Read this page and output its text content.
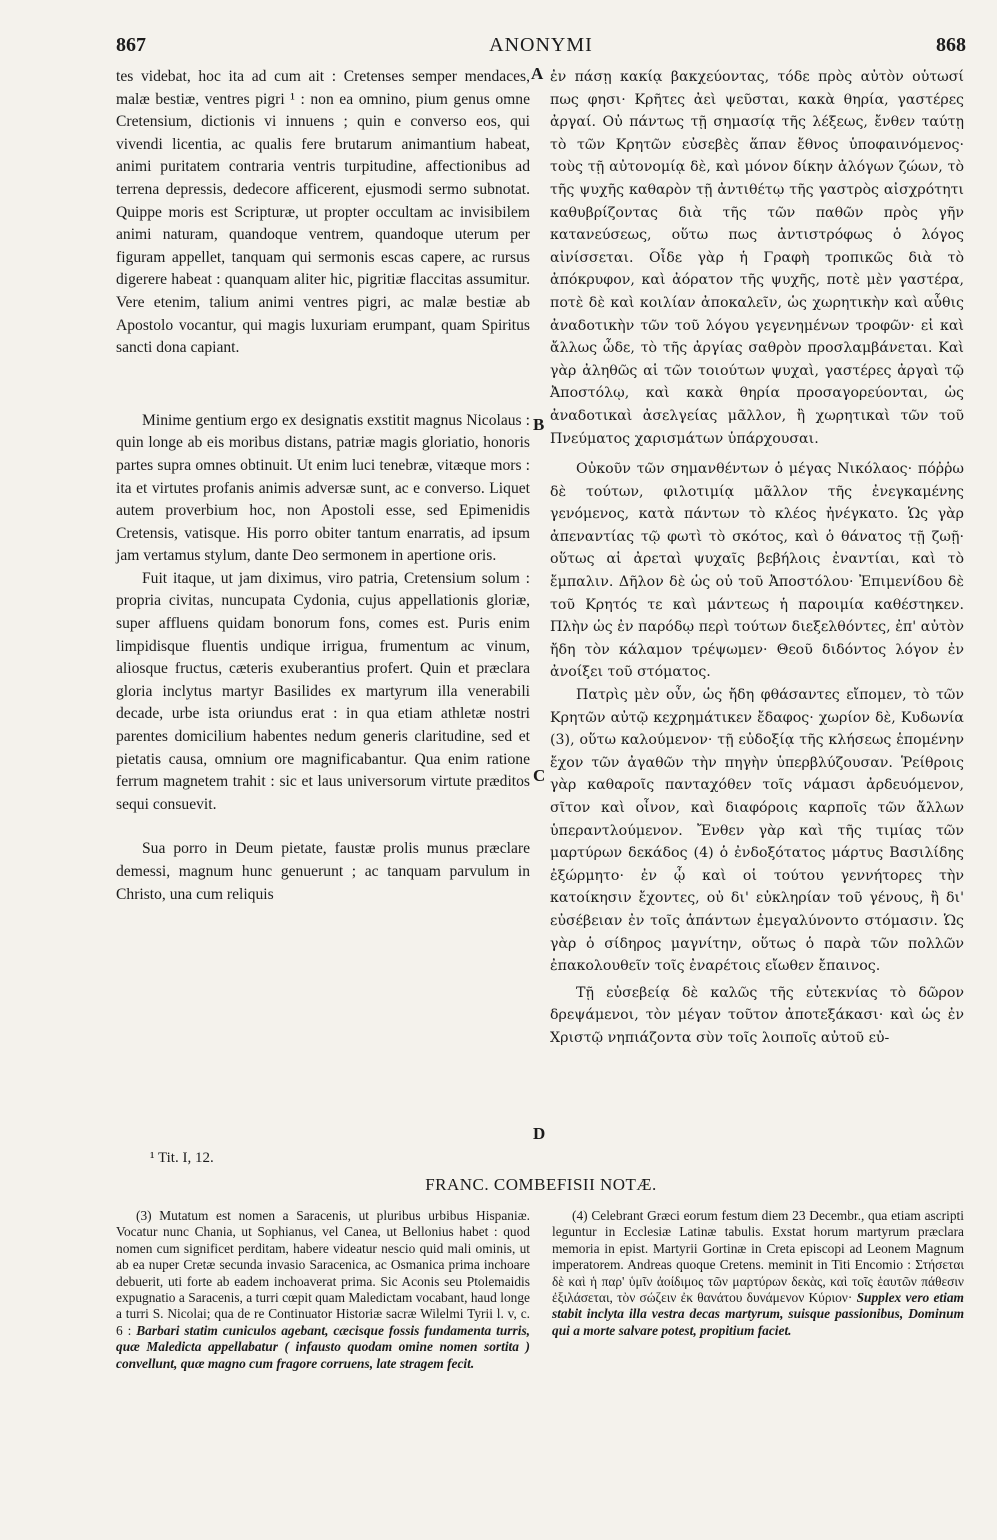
867	ANONYMI	868
A
B
C
D

tes videbat, hoc ita ad cum ait : Cretenses semper mendaces, malæ bestiæ, ventres pigri ¹ : non ea omnino, pium genus omne Cretensium, dictionis vi innuens ; quin e converso eos, qui vivendi licentia, ac qualis fere brutarum animantium habeat, animi puritatem contraria ventris turpitudine, affectionibus ad terrena depressis, dedecore afficerent, ejusmodi sermo subnotat. Quippe moris est Scripturæ, ut propter occultam ac invisibilem animi naturam, quandoque ventrem, quandoque uterum per figuram appellet, tanquam qui sermonis escas capere, ac rursus digerere habeat : quanquam aliter hic, pigritiæ flaccitas assumitur. Vere etenim, talium animi ventres pigri, ac malæ bestiæ ab Apostolo vocantur, qui magis luxuriam erumpant, quam Spiritus sancti dona capiant.

Minime gentium ergo ex designatis exstitit magnus Nicolaus : quin longe ab eis moribus distans, patriæ magis gloriatio, honoris partes supra omnes obtinuit. Ut enim luci tenebræ, vitæque mors : ita et virtutes profanis animis adversæ sunt, ac e converso. Liquet autem proverbium hoc, non Apostoli esse, sed Epimenidis Cretensis, vatisque. His porro obiter tantum enarratis, ad ipsum jam vertamus stylum, dante Deo sermonem in apertione oris.

Fuit itaque, ut jam diximus, viro patria, Cretensium solum : propria civitas, nuncupata Cydonia, cujus appellationis gloriæ, super affluens quidam bonorum fons, comes est. Puris enim limpidisque fluentis undique irrigua, frumentum ac vinum, aliosque fructus, cæteris exuberantius profert. Quin et præclara gloria inclytus martyr Basilides ex martyrum illa venerabili decade, urbe ista oriundus erat : in qua etiam athletæ nostri parentes domicilium habentes nedum generis claritudine, sed et pietatis causa, omnium ore magnificabantur. Qua enim ratione ferrum magnetem trahit : sic et laus universorum virtute præditos sequi consuevit.

Sua porro in Deum pietate, faustæ prolis munus præclare demessi, magnum hunc genuerunt ; ac tanquam parvulum in Christo, una cum reliquis

ἐν πάσῃ κακίᾳ βακχεύοντας, τόδε πρὸς αὐτὸν οὑτωσί πως φησι· Κρῆτες ἀεὶ ψεῦσται, κακὰ θηρία, γαστέρες ἀργαί. Οὐ πάντως τῇ σημασίᾳ τῆς λέξεως, ἔνθεν ταύτῃ τὸ τῶν Κρητῶν εὐσεβὲς ἅπαν ἔθνος ὑποφαινόμενος· τοὺς τῇ αὐτονομίᾳ δὲ, καὶ μόνον δίκην ἀλόγων ζώων, τὸ τῆς ψυχῆς καθαρὸν τῇ ἀντιθέτῳ τῆς γαστρὸς αἰσχρότητι καθυβρίζοντας διὰ τῆς τῶν παθῶν πρὸς γῆν κατανεύσεως, οὕτω πως ἀντιστρόφως ὁ λόγος αἰνίσσεται. Οἶδε γὰρ ἡ Γραφὴ τροπικῶς διὰ τὸ ἀπόκρυφον, καὶ ἀόρατον τῆς ψυχῆς, ποτὲ μὲν γαστέρα, ποτὲ δὲ καὶ κοιλίαν ἀποκαλεῖν, ὡς χωρητικὴν καὶ αὖθις ἀναδοτικὴν τῶν τοῦ λόγου γεγενημένων τροφῶν· εἰ καὶ ἄλλως ὧδε, τὸ τῆς ἀργίας σαθρὸν προσλαμβάνεται. Καὶ γὰρ ἀληθῶς αἱ τῶν τοιούτων ψυχαὶ, γαστέρες ἀργαὶ τῷ Ἀποστόλῳ, καὶ κακὰ θηρία προσαγορεύονται, ὡς ἀναδοτικαὶ ἀσελγείας μᾶλλον, ἢ χωρητικαὶ τῶν τοῦ Πνεύματος χαρισμάτων ὑπάρχουσαι.

Οὐκοῦν τῶν σημανθέντων ὁ μέγας Νικόλαος· πόῤῥω δὲ τούτων, φιλοτιμίᾳ μᾶλλον τῆς ἐνεγκαμένης γενόμενος, κατὰ πάντων τὸ κλέος ἠνέγκατο. Ὡς γὰρ ἀπεναντίας τῷ φωτὶ τὸ σκότος, καὶ ὁ θάνατος τῇ ζωῇ· οὕτως αἱ ἀρεταὶ ψυχαῖς βεβήλοις ἐναντίαι, καὶ τὸ ἔμπαλιν. Δῆλον δὲ ὡς οὐ τοῦ Ἀποστόλου· Ἐπιμενίδου δὲ τοῦ Κρητός τε καὶ μάντεως ἡ παροιμία καθέστηκεν. Πλὴν ὡς ἐν παρόδῳ περὶ τούτων διεξελθόντες, ἐπ' αὐτὸν ἤδη τὸν κάλαμον τρέψωμεν· Θεοῦ διδόντος λόγον ἐν ἀνοίξει τοῦ στόματος.

Πατρὶς μὲν οὖν, ὡς ἤδη φθάσαντες εἴπομεν, τὸ τῶν Κρητῶν αὐτῷ κεχρημάτικεν ἔδαφος· χωρίον δὲ, Κυδωνία (3), οὕτω καλούμενον· τῇ εὐδοξίᾳ τῆς κλήσεως ἑπομένην ἔχον τῶν ἀγαθῶν τὴν πηγὴν ὑπερβλύζουσαν. Ῥείθροις γὰρ καθαροῖς πανταχόθεν τοῖς νάμασι ἀρδευόμενον, σῖτον καὶ οἶνον, καὶ διαφόροις καρποῖς τῶν ἄλλων ὑπεραντλούμενον. Ἔνθεν γὰρ καὶ τῆς τιμίας τῶν μαρτύρων δεκάδος (4) ὁ ἐνδοξότατος μάρτυς Βασιλίδης ἐξώρμητο· ἐν ᾧ καὶ οἱ τούτου γεννήτορες τὴν κατοίκησιν ἔχοντες, οὐ δι' εὐκληρίαν τοῦ γένους, ἢ δι' εὐσέβειαν ἐν τοῖς ἁπάντων ἐμεγαλύνοντο στόμασιν. Ὡς γὰρ ὁ σίδηρος μαγνίτην, οὕτως ὁ παρὰ τῶν πολλῶν ἐπακολουθεῖν τοῖς ἐναρέτοις εἴωθεν ἔπαινος.

Τῇ εὐσεβείᾳ δὲ καλῶς τῆς εὐτεκνίας τὸ δῶρον δρεψάμενοι, τὸν μέγαν τοῦτον ἀποτεξάκασι· καὶ ὡς ἐν Χριστῷ νηπιάζοντα σὺν τοῖς λοιποῖς αὐτοῦ εὐ-

¹ Tit. I, 12.
FRANC. COMBEFISII NOTÆ.

(3) Mutatum est nomen a Saracenis, ut pluribus urbibus Hispaniæ. Vocatur nunc Chania, ut Sophianus, vel Canea, ut Bellonius habet : quod nomen cum significet perditam, habere videatur nescio quid mali ominis, ut ab ea nuper Cretæ secunda invasio Saracenica, ac Osmanica prima inchoare debuerit, uti forte ab eadem inchoaverat prima. Sic Aconis seu Ptolemaidis expugnatio a Saracenis, a turri cœpit quam Maledictam vocabant, haud longe a turri S. Nicolai; qua de re Continuator Historiæ sacræ Wilelmi Tyrii l. v, c. 6 : Barbari statim cuniculos agebant, cæcisque fossis fundamenta turris, quæ Maledicta appellabatur ( infausto quodam omine nomen sortita ) convellunt, quæ magno cum fragore corruens, late stragem fecit.

(4) Celebrant Græci eorum festum diem 23 Decembr., qua etiam ascripti leguntur in Ecclesiæ Latinæ tabulis. Exstat horum martyrum præclara memoria in epist. Martyrii Gortinæ in Creta episcopi ad Leonem Magnum imperatorem. Andreas quoque Cretens. meminit in Titi Encomio : Στήσεται δὲ καὶ ἡ παρ' ὑμῖν ἀοίδιμος τῶν μαρτύρων δεκὰς, καὶ τοῖς ἑαυτῶν πάθεσιν ἐξιλάσεται, τὸν σώζειν ἐκ θανάτου δυνάμενον Κύριον· Supplex vero etiam stabit inclyta illa vestra decas martyrum, suisque passionibus, Dominum qui a morte salvare potest, propitium faciet.
